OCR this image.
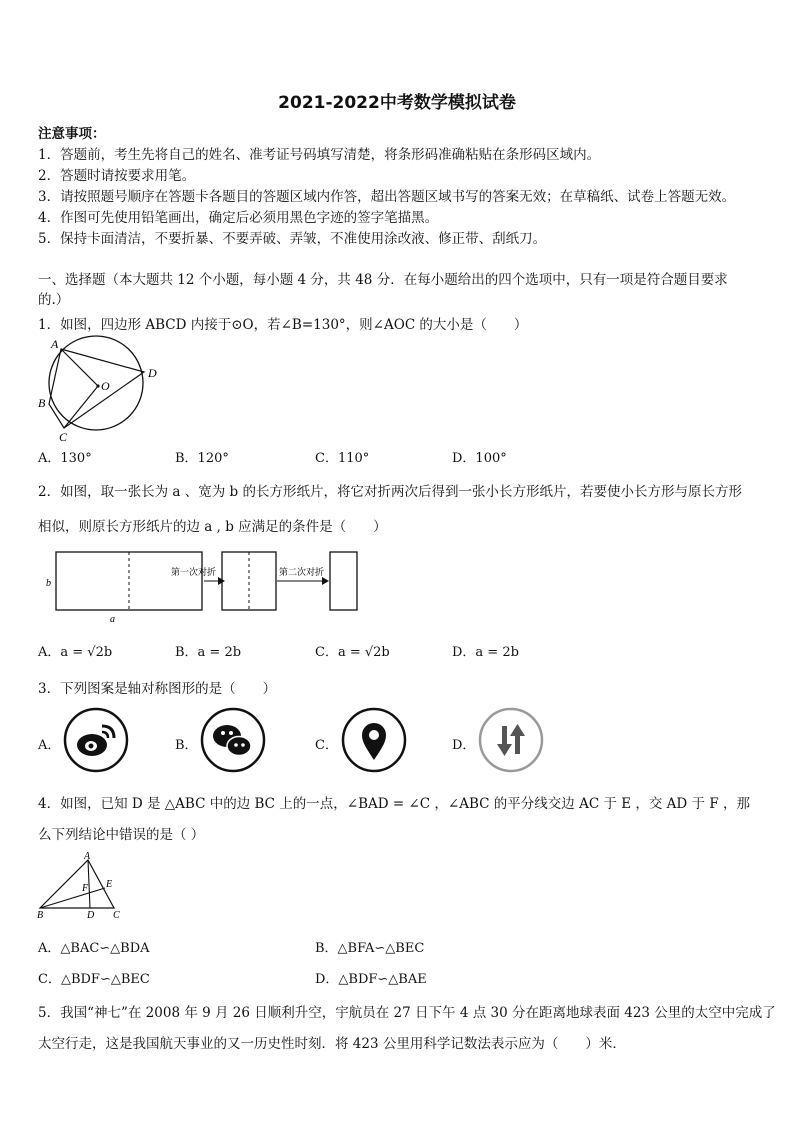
2021-2022中考数学模拟试卷
注意事项：
1．答题前，考生先将自己的姓名、准考证号码填写清楚，将条形码准确粘贴在条形码区域内。
2．答题时请按要求用笔。
3．请按照题号顺序在答题卡各题目的答题区域内作答，超出答题区域书写的答案无效；在草稿纸、试卷上答题无效。
4．作图可先使用铅笔画出，确定后必须用黑色字迹的签字笔描黑。
5．保持卡面清洁，不要折暴、不要弄破、弄皱，不准使用涂改液、修正带、刮纸刀。
一、选择题（本大题共 12 个小题，每小题 4 分，共 48 分．在每小题给出的四个选项中，只有一项是符合题目要求
的.）
1．如图，四边形 ABCD 内接于⊙O，若∠B=130°，则∠AOC 的大小是（　　）
A
D
B
C
O
A．130°	B．120°	C．110°	D．100°
2．如图，取一张长为 a 、宽为 b 的长方形纸片，将它对折两次后得到一张小长方形纸片，若要使小长方形与原长方形
相似，则原长方形纸片的边 a , b 应满足的条件是（　　）
b
a
第一次对折	第二次对折
A．a = √2b	B．a = 2b	C．a = √2b	D．a = 2b
3．下列图案是轴对称图形的是（　　）
A．	B．	C．	D．
4．如图，已知 D 是 △ABC 中的边 BC 上的一点，∠BAD = ∠C ，∠ABC 的平分线交边 AC 于 E ，交 AD 于 F ，那
么下列结论中错误的是（ ）
A
B	D C
E
F
A．△BAC∽△BDA	B．△BFA∽△BEC
C．△BDF∽△BEC	D．△BDF∽△BAE
5．我国“神七”在 2008 年 9 月 26 日顺利升空，宇航员在 27 日下午 4 点 30 分在距离地球表面 423 公里的太空中完成了
太空行走，这是我国航天事业的又一历史性时刻．将 423 公里用科学记数法表示应为（　　）米．
